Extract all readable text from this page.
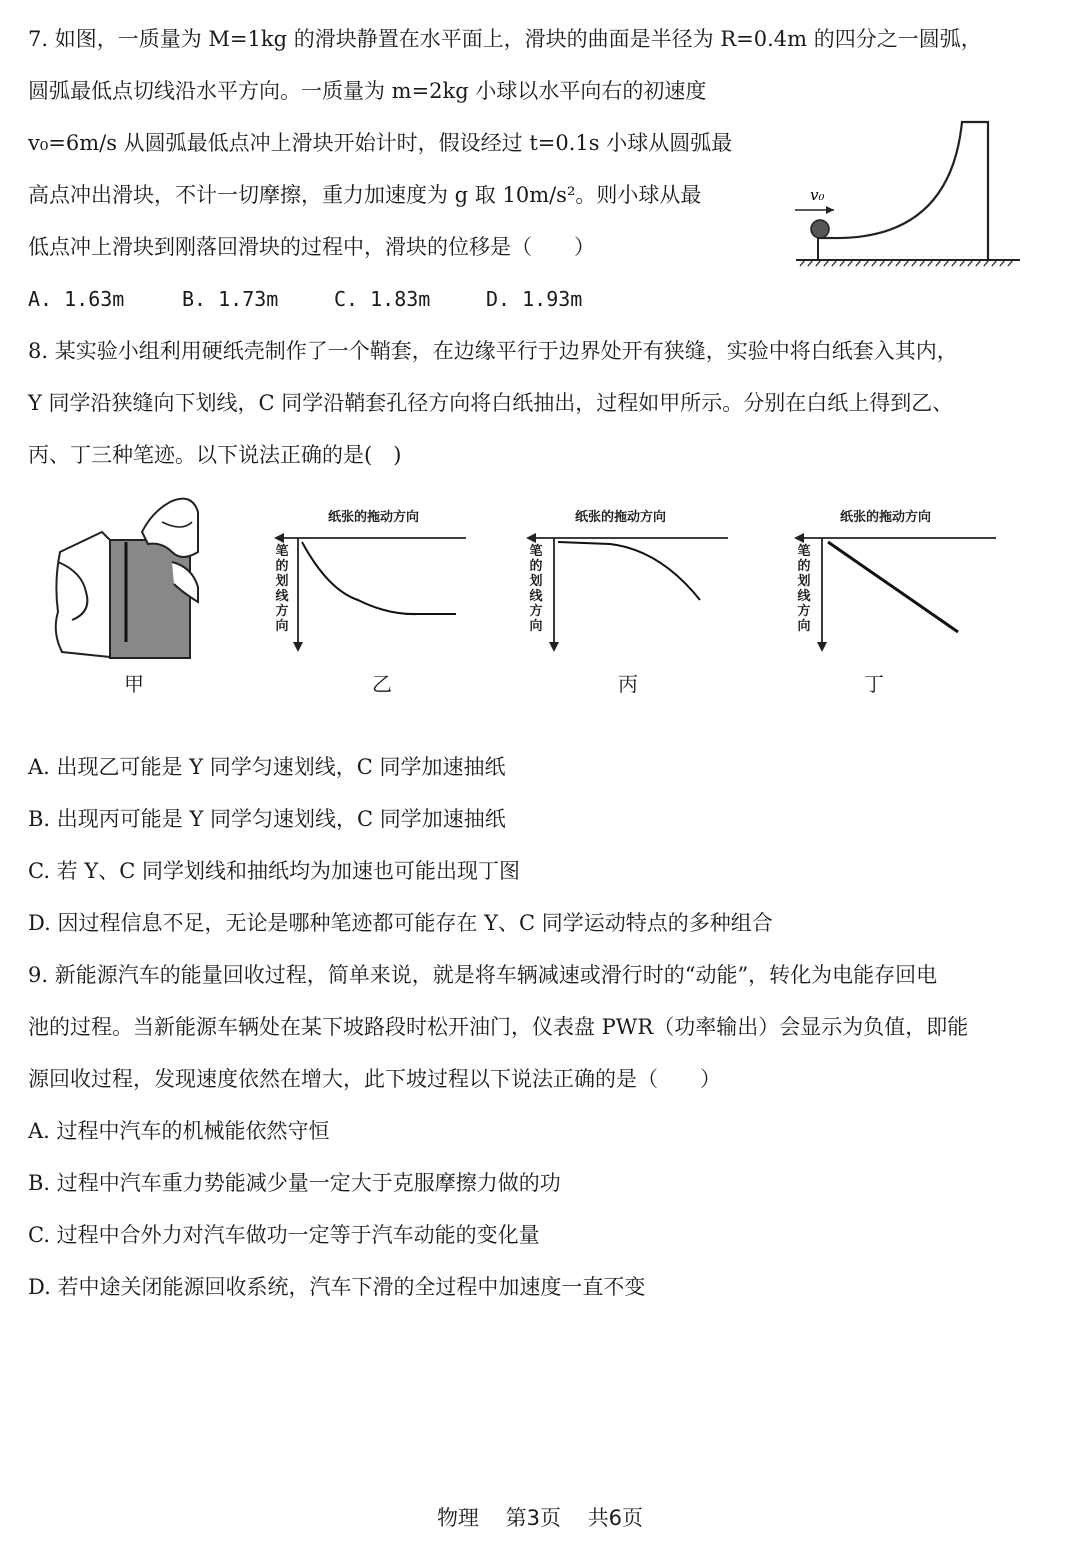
7. 如图，一质量为 M=1kg 的滑块静置在水平面上，滑块的曲面是半径为 R=0.4m 的四分之一圆弧，
圆弧最低点切线沿水平方向。一质量为 m=2kg 小球以水平向右的初速度
v₀=6m/s 从圆弧最低点冲上滑块开始计时，假设经过 t=0.1s 小球从圆弧最
高点冲出滑块，不计一切摩擦，重力加速度为 g 取 10m/s²。则小球从最
低点冲上滑块到刚落回滑块的过程中，滑块的位移是（　　）
v₀
A. 1.63m	B. 1.73m	C. 1.83m	D. 1.93m
8. 某实验小组利用硬纸壳制作了一个鞘套，在边缘平行于边界处开有狭缝，实验中将白纸套入其内，
Y 同学沿狭缝向下划线，C 同学沿鞘套孔径方向将白纸抽出，过程如甲所示。分别在白纸上得到乙、
丙、丁三种笔迹。以下说法正确的是(　)
纸张的拖动方向
笔的划线方向
纸张的拖动方向
笔的划线方向
纸张的拖动方向
笔的划线方向
甲	乙	丙	丁
A. 出现乙可能是 Y 同学匀速划线，C 同学加速抽纸
B. 出现丙可能是 Y 同学匀速划线，C 同学加速抽纸
C. 若 Y、C 同学划线和抽纸均为加速也可能出现丁图
D. 因过程信息不足，无论是哪种笔迹都可能存在 Y、C 同学运动特点的多种组合
9. 新能源汽车的能量回收过程，简单来说，就是将车辆减速或滑行时的“动能”，转化为电能存回电
池的过程。当新能源车辆处在某下坡路段时松开油门，仪表盘 PWR（功率输出）会显示为负值，即能
源回收过程，发现速度依然在增大，此下坡过程以下说法正确的是（　　）
A. 过程中汽车的机械能依然守恒
B. 过程中汽车重力势能减少量一定大于克服摩擦力做的功
C. 过程中合外力对汽车做功一定等于汽车动能的变化量
D. 若中途关闭能源回收系统，汽车下滑的全过程中加速度一直不变
物理 第3页 共6页
